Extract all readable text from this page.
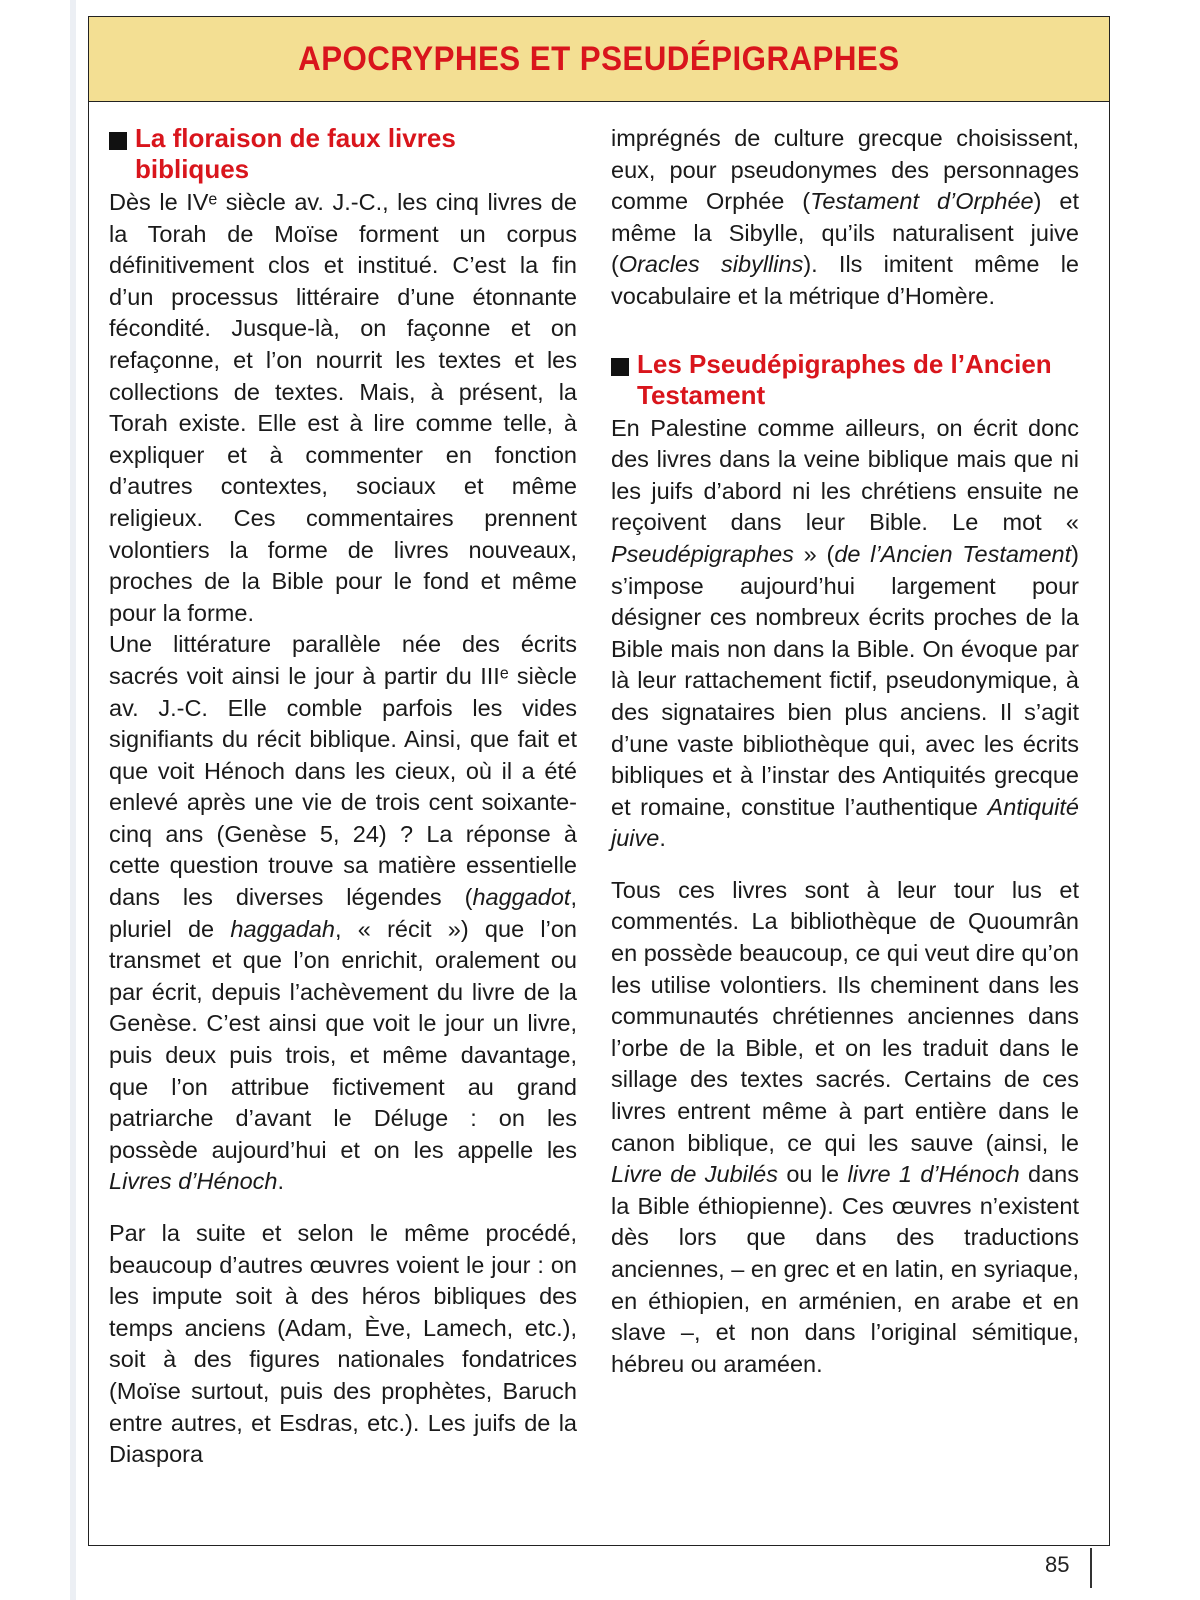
APOCRYPHES ET PSEUDÉPIGRAPHES
La floraison de faux livres bibliques

Dès le IVᵉ siècle av. J.-C., les cinq livres de la Torah de Moïse forment un corpus définitivement clos et institué. C’est la fin d’un processus littéraire d’une étonnante fécondité. Jusque-là, on façonne et on refaçonne, et l’on nourrit les textes et les collections de textes. Mais, à présent, la Torah existe. Elle est à lire comme telle, à expliquer et à commenter en fonction d’autres contextes, sociaux et même religieux. Ces commentaires prennent volontiers la forme de livres nouveaux, proches de la Bible pour le fond et même pour la forme.

Une littérature parallèle née des écrits sacrés voit ainsi le jour à partir du IIIᵉ siècle av. J.-C. Elle comble parfois les vides signifiants du récit biblique. Ainsi, que fait et que voit Hénoch dans les cieux, où il a été enlevé après une vie de trois cent soixante-cinq ans (Genèse 5, 24) ? La réponse à cette question trouve sa matière essentielle dans les diverses légendes (haggadot, pluriel de haggadah, « récit ») que l’on transmet et que l’on enrichit, oralement ou par écrit, depuis l’achèvement du livre de la Genèse. C’est ainsi que voit le jour un livre, puis deux puis trois, et même davantage, que l’on attribue fictivement au grand patriarche d’avant le Déluge : on les possède aujourd’hui et on les appelle les Livres d’Hénoch.

Par la suite et selon le même procédé, beaucoup d’autres œuvres voient le jour : on les impute soit à des héros bibliques des temps anciens (Adam, Ève, Lamech, etc.), soit à des figures nationales fondatrices (Moïse surtout, puis des prophètes, Baruch entre autres, et Esdras, etc.). Les juifs de la Diaspora

imprégnés de culture grecque choisissent, eux, pour pseudonymes des personnages comme Orphée (Testament d’Orphée) et même la Sibylle, qu’ils naturalisent juive (Oracles sibyllins). Ils imitent même le vocabulaire et la métrique d’Homère.

Les Pseudépigraphes de l’Ancien Testament

En Palestine comme ailleurs, on écrit donc des livres dans la veine biblique mais que ni les juifs d’abord ni les chrétiens ensuite ne reçoivent dans leur Bible. Le mot « Pseudépigraphes » (de l’Ancien Testament) s’impose aujourd’hui largement pour désigner ces nombreux écrits proches de la Bible mais non dans la Bible. On évoque par là leur rattachement fictif, pseudonymique, à des signataires bien plus anciens. Il s’agit d’une vaste bibliothèque qui, avec les écrits bibliques et à l’instar des Antiquités grecque et romaine, constitue l’authentique Antiquité juive.

Tous ces livres sont à leur tour lus et commentés. La bibliothèque de Quoumrân en possède beaucoup, ce qui veut dire qu’on les utilise volontiers. Ils cheminent dans les communautés chrétiennes anciennes dans l’orbe de la Bible, et on les traduit dans le sillage des textes sacrés. Certains de ces livres entrent même à part entière dans le canon biblique, ce qui les sauve (ainsi, le Livre de Jubilés ou le livre 1 d’Hénoch dans la Bible éthiopienne). Ces œuvres n’existent dès lors que dans des traductions anciennes, – en grec et en latin, en syriaque, en éthiopien, en arménien, en arabe et en slave –, et non dans l’original sémitique, hébreu ou araméen.

85
